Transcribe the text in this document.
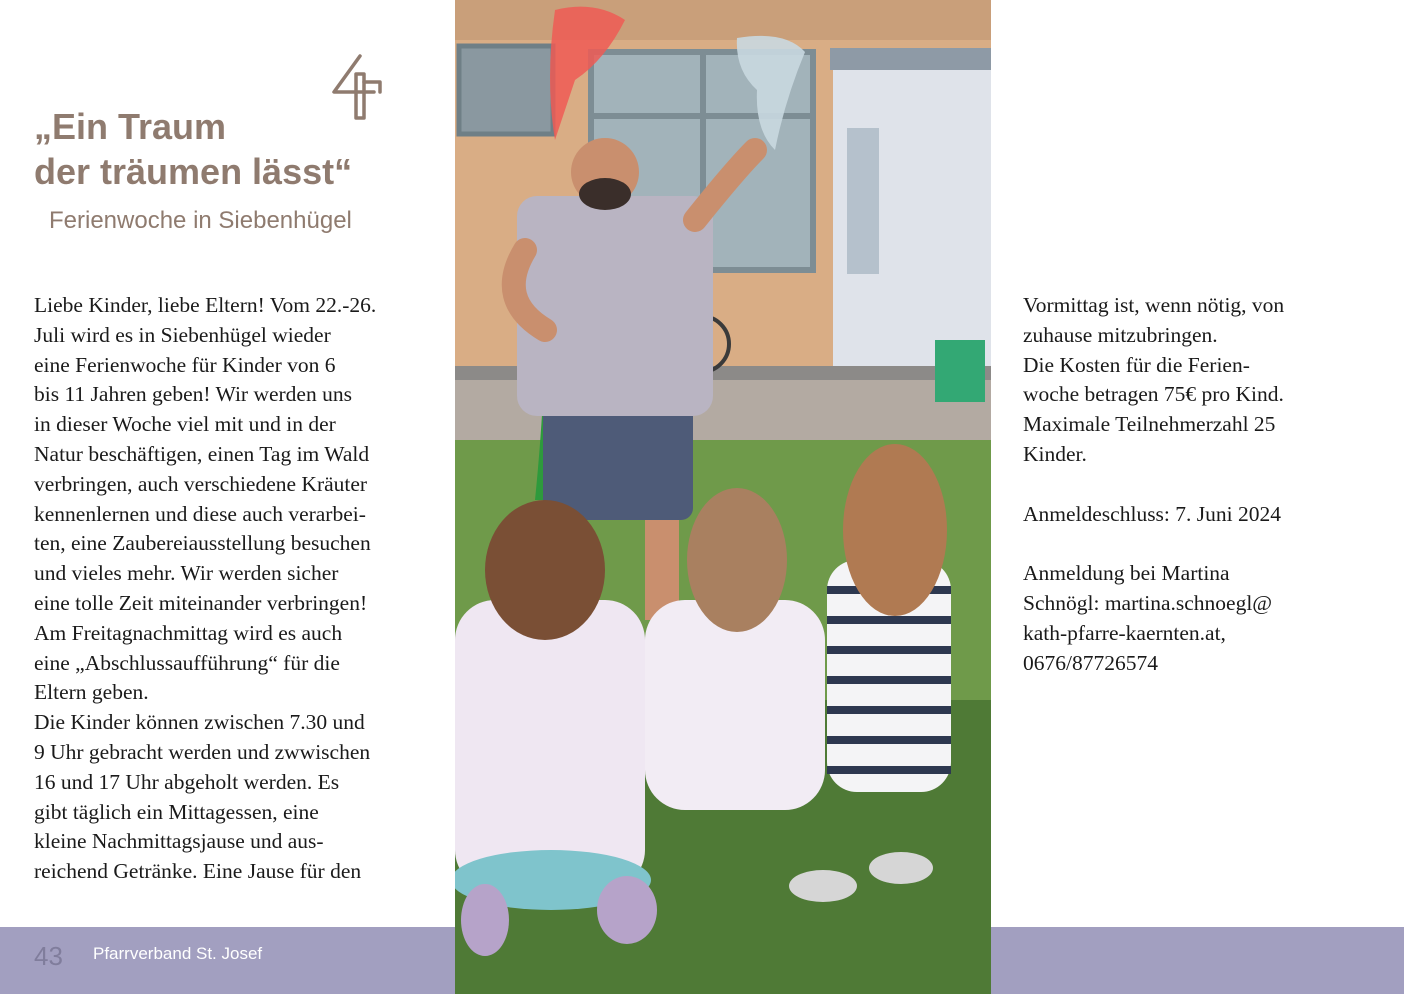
43 Pfarrverband St. Josef
„Ein Traum
der träumen lässt“
Ferienwoche in Siebenhügel
Liebe Kinder, liebe Eltern! Vom 22.-26.
Juli wird es in Siebenhügel wieder
eine Ferienwoche für Kinder von 6
bis 11 Jahren geben! Wir werden uns
in dieser Woche viel mit und in der
Natur beschäftigen, einen Tag im Wald
verbringen, auch verschiedene Kräuter
kennenlernen und diese auch verarbei-
ten, eine Zaubereiausstellung besuchen
und vieles mehr. Wir werden sicher
eine tolle Zeit miteinander verbringen!
Am Freitagnachmittag wird es auch
eine „Abschlussaufführung“ für die
Eltern geben.
Die Kinder können zwischen 7.30 und
9 Uhr gebracht werden und zwwischen
16 und 17 Uhr abgeholt werden. Es
gibt täglich ein Mittagessen, eine
kleine Nachmittagsjause und aus-
reichend Getränke. Eine Jause für den
Vormittag ist, wenn nötig, von
zuhause mitzubringen.
Die Kosten für die Ferien-
woche betragen 75€ pro Kind.
Maximale Teilnehmerzahl 25
Kinder.

Anmeldeschluss: 7. Juni 2024

Anmeldung bei Martina
Schnögl: martina.schnoegl@
kath-pfarre-kaernten.at,
0676/87726574
